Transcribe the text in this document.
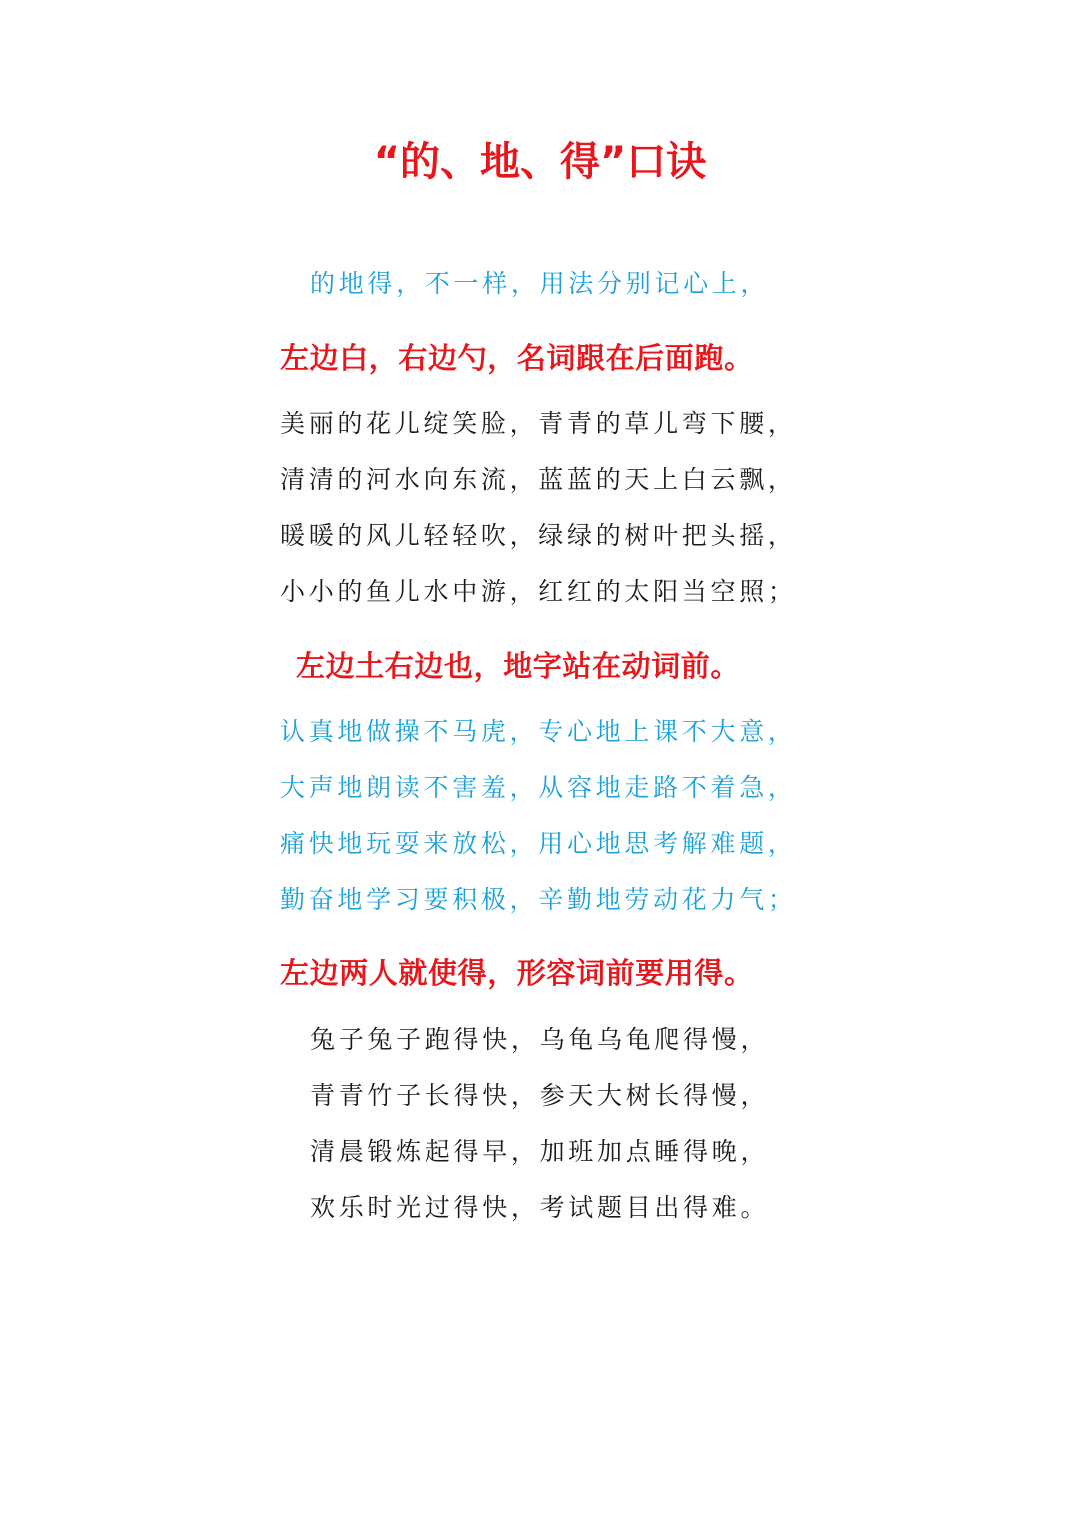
“的、地、得”口诀
的地得，不一样，用法分别记心上，
左边白，右边勺，名词跟在后面跑。
美丽的花儿绽笑脸，青青的草儿弯下腰，
清清的河水向东流，蓝蓝的天上白云飘，
暖暖的风儿轻轻吹，绿绿的树叶把头摇，
小小的鱼儿水中游，红红的太阳当空照；
左边土右边也，地字站在动词前。
认真地做操不马虎，专心地上课不大意，
大声地朗读不害羞，从容地走路不着急，
痛快地玩耍来放松，用心地思考解难题，
勤奋地学习要积极，辛勤地劳动花力气；
左边两人就使得，形容词前要用得。
兔子兔子跑得快，乌龟乌龟爬得慢，
青青竹子长得快，参天大树长得慢，
清晨锻炼起得早，加班加点睡得晚，
欢乐时光过得快，考试题目出得难。
